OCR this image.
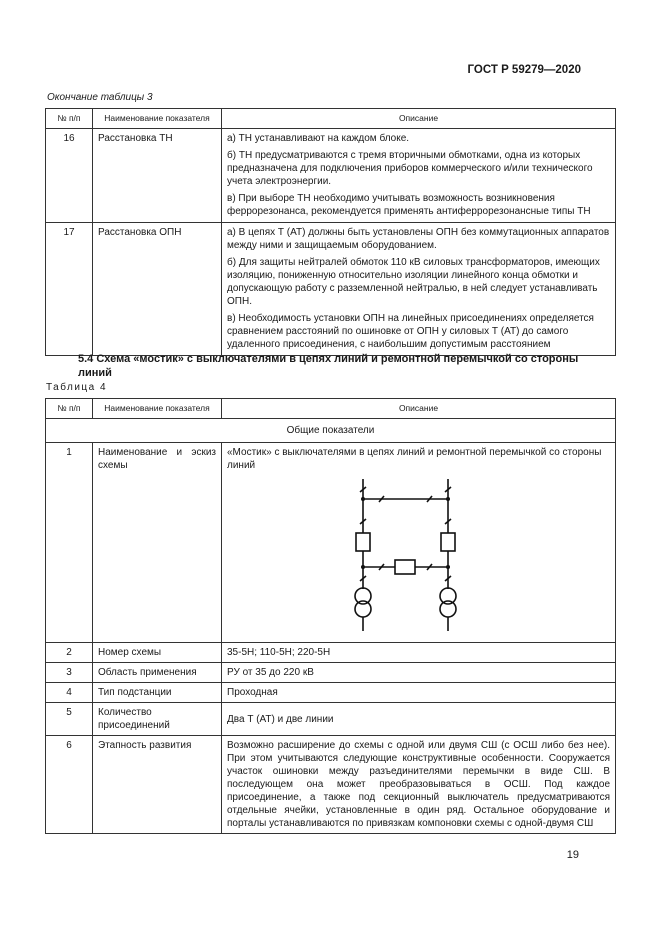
ГОСТ Р 59279—2020
Окончание таблицы 3
№ п/п	Наименование показателя	Описание
16	Расстановка ТН	а) ТН устанавливают на каждом блоке.
б) ТН предусматриваются с тремя вторичными обмотками, одна из которых предназначена для подключения приборов коммерческого и/или технического учета электроэнергии.
в) При выборе ТН необходимо учитывать возможность возникновения феррорезонанса, рекомендуется применять антиферрорезонансные типы ТН

17	Расстановка ОПН	а) В цепях Т (АТ) должны быть установлены ОПН без коммутационных аппаратов между ними и защищаемым оборудованием.
б) Для защиты нейтралей обмоток 110 кВ силовых трансформаторов, имеющих изоляцию, пониженную относительно изоляции линейного конца обмотки и допускающую работу с разземленной нейтралью, в ней следует устанавливать ОПН.
в) Необходимость установки ОПН на линейных присоединениях определяется сравнением расстояний по ошиновке от ОПН у силовых Т (АТ) до самого удаленного присоединения, с наибольшим допустимым расстоянием
5.4 Схема «мостик» с выключателями в цепях линий и ремонтной перемычкой со стороны линий
Таблица 4
№ п/п	Наименование показателя	Описание
Общие показатели		
1	Наименование и эскиз схемы	«Мостик» с выключателями в цепях линий и ремонтной перемычкой со стороны линий

2	Номер схемы	35-5Н; 110-5Н; 220-5Н
3	Область применения	РУ от 35 до 220 кВ
4	Тип подстанции	Проходная
5	Количество присоединений	Два Т (АТ) и две линии
6	Этапность развития	Возможно расширение до схемы с одной или двумя СШ (с ОСШ либо без нее). При этом учитываются следующие конструктивные особенности. Сооружается участок ошиновки между разъединителями перемычки в виде СШ. В последующем она может преобразовываться в ОСШ. Под каждое присоединение, а также под секционный выключатель предусматриваются отдельные ячейки, установленные в один ряд. Остальное оборудование и порталы устанавливаются по привязкам компоновки схемы с одной-двумя СШ
19
